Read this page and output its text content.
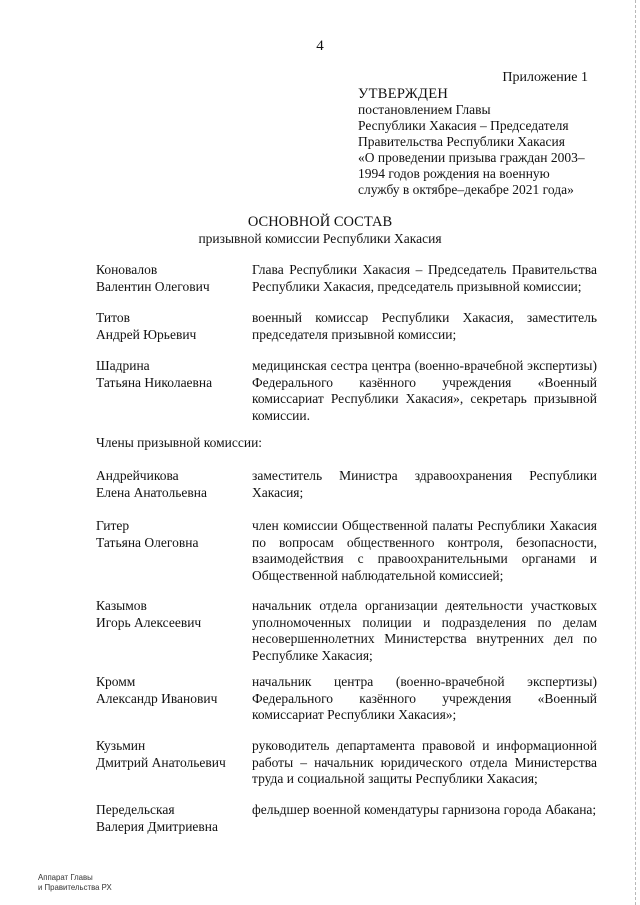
4
Приложение 1
УТВЕРЖДЕН
постановлением Главы
Республики Хакасия – Председателя
Правительства Республики Хакасия
«О проведении призыва граждан 2003–
1994 годов рождения на военную
службу в октябре–декабре 2021 года»
ОСНОВНОЙ СОСТАВ
призывной комиссии Республики Хакасия
Коновалов
Валентин Олегович
Глава Республики Хакасия – Председатель Правительства Республики Хакасия, председатель призывной комиссии;
Титов
Андрей Юрьевич
военный комиссар Республики Хакасия, заместитель председателя призывной комиссии;
Шадрина
Татьяна Николаевна
медицинская сестра центра (военно-врачебной экспертизы) Федерального казённого учреждения «Военный комиссариат Республики Хакасия», секретарь призывной комиссии.
Члены призывной комиссии:
Андрейчикова
Елена Анатольевна
заместитель Министра здравоохранения Республики Хакасия;
Гитер
Татьяна Олеговна
член комиссии Общественной палаты Республики Хакасия по вопросам общественного контроля, безопасности, взаимодействия с правоохранительными органами и Общественной наблюдательной комиссией;
Казымов
Игорь Алексеевич
начальник отдела организации деятельности участковых уполномоченных полиции и подразделения по делам несовершеннолетних Министерства внутренних дел по Республике Хакасия;
Кромм
Александр Иванович
начальник центра (военно-врачебной экспертизы) Федерального казённого учреждения «Военный комиссариат Республики Хакасия»;
Кузьмин
Дмитрий Анатольевич
руководитель департамента правовой и информационной работы – начальник юридического отдела Министерства труда и социальной защиты Республики Хакасия;
Передельская
Валерия Дмитриевна
фельдшер военной комендатуры гарнизона города Абакана;
Аппарат Главы
и Правительства РХ
